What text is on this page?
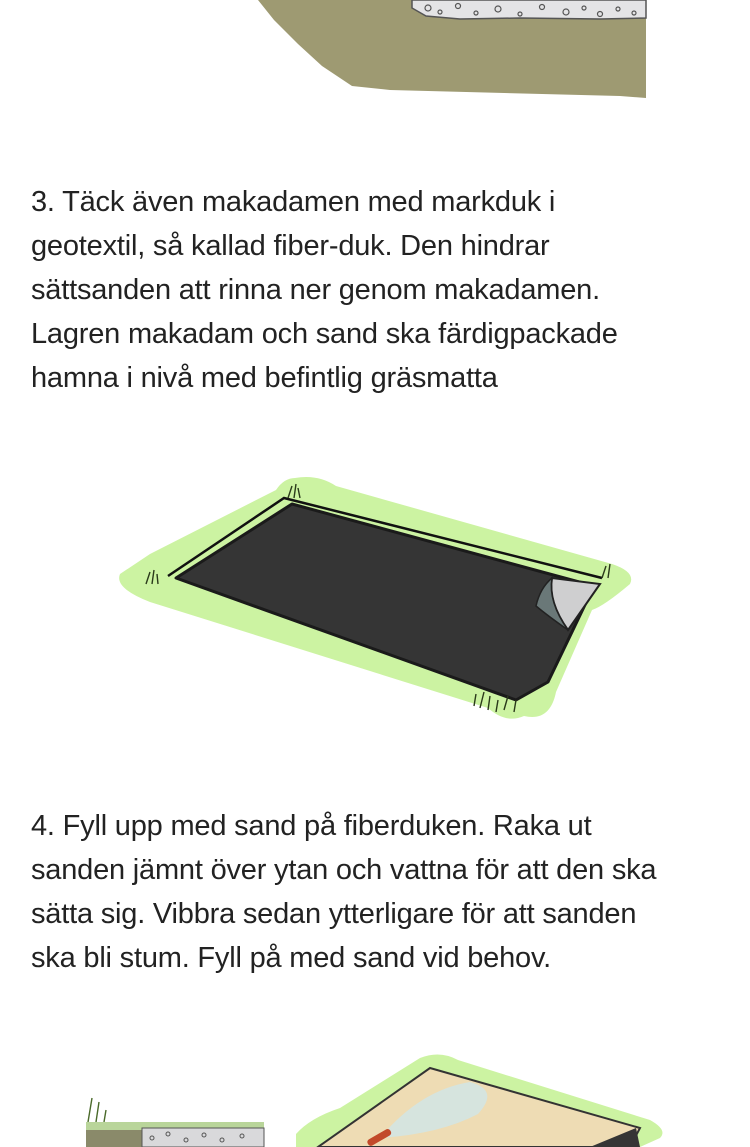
3. Täck även makadamen med markduk i
geotextil, så kallad fiber-duk. Den hindrar
sättsanden att rinna ner genom makadamen.
Lagren makadam och sand ska färdigpackade
hamna i nivå med befintlig gräsmatta

4. Fyll upp med sand på fiberduken. Raka ut
sanden jämnt över ytan och vattna för att den ska
sätta sig. Vibbra sedan ytterligare för att sanden
ska bli stum. Fyll på med sand vid behov.
